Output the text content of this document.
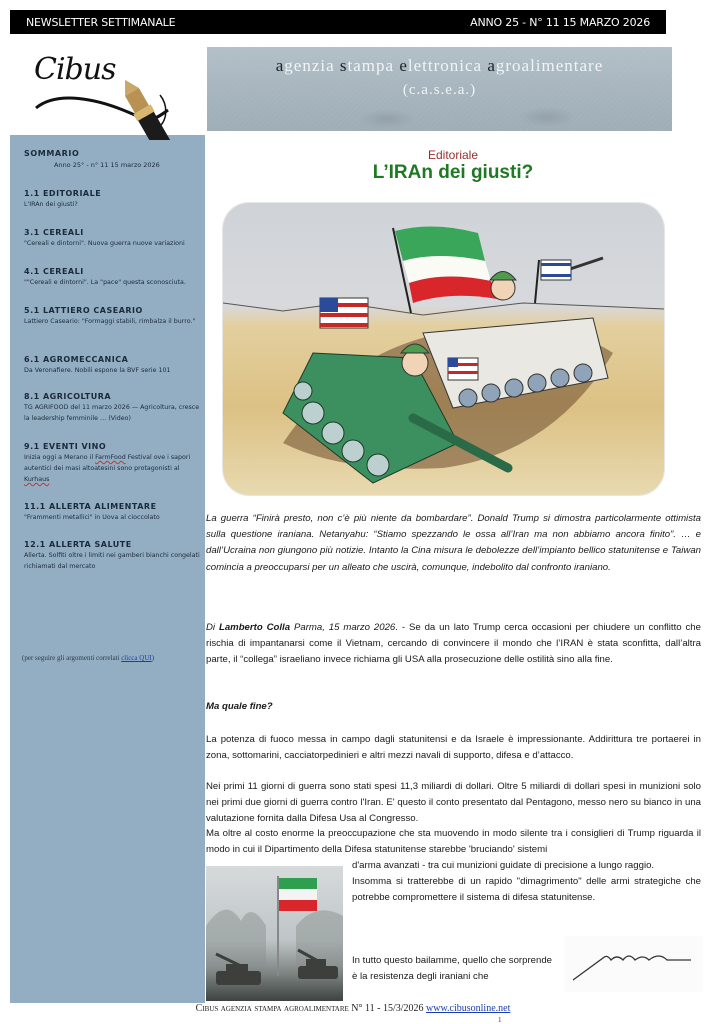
Cibus
NEWSLETTER SETTIMANALE	ANNO 25 - N° 11 15 MARZO 2026
agenzia stampa elettronica agroalimentare
(c.a.s.e.a.)
SOMMARIO
Anno 25° - n° 11 15 marzo 2026
1.1 EDITORIALE
L'IRAn dei giusti?
3.1 CEREALI
"Cereali e dintorni". Nuova guerra nuove variazioni
4.1 CEREALI
""Cereali e dintorni". La "pace" questa sconosciuta.
5.1 LATTIERO CASEARIO
Lattiero Caseario: "Formaggi stabili, rimbalza il burro."
6.1 AGROMECCANICA
Da Veronafiere. Nobili espone la BVF serie 101
8.1 AGRICOLTURA
TG AGRIFOOD del 11 marzo 2026 — Agricoltura, cresce la leadership femminile … (Video)
9.1 EVENTI VINO
Inizia oggi a Merano il FarmFood Festival ove i sapori autentici dei masi altoatesini sono protagonisti al Kurhaus
11.1 ALLERTA ALIMENTARE
"Frammenti metallici" in Uova al cioccolato
12.1 ALLERTA SALUTE
Allerta. Solfiti oltre i limiti nei gamberi bianchi congelati richiamati dal mercato
(per seguire gli argomenti correlati clicca QUI)
Editoriale
L’IRAn dei giusti?
La guerra “Finirà presto, non c’è più niente da bombardare”. Donald Trump si dimostra particolarmente ottimista sulla questione iraniana. Netanyahu: “Stiamo spezzando le ossa all’Iran ma non abbiamo ancora finito”. … e dall’Ucraina non giungono più notizie. Intanto la Cina misura le debolezze dell’impianto bellico statunitense e Taiwan comincia a preoccuparsi per un alleato che uscirà, comunque, indebolito dal confronto iraniano.
Di Lamberto Colla Parma, 15 marzo 2026. - Se da un lato Trump cerca occasioni per chiudere un conflitto che rischia di impantanarsi come il Vietnam, cercando di convincere il mondo che l’IRAN è stata sconfitta, dall’altra parte, il “collega” israeliano invece richiama gli USA alla prosecuzione delle ostilità sino alla fine.
Ma quale fine?
La potenza di fuoco messa in campo dagli statunitensi e da Israele è impressionante. Addirittura tre portaerei in zona, sottomarini, cacciatorpedinieri e altri mezzi navali di supporto, difesa e d’attacco.
Nei primi 11 giorni di guerra sono stati spesi 11,3 miliardi di dollari. Oltre 5 miliardi di dollari spesi in munizioni solo nei primi due giorni di guerra contro l'Iran. E' questo il conto presentato dal Pentagono, messo nero su bianco in una valutazione fornita dalla Difesa Usa al Congresso.
Ma oltre al costo enorme la preoccupazione che sta muovendo in modo silente tra i consiglieri di Trump riguarda il modo in cui il Dipartimento della Difesa statunitense starebbe 'bruciando' sistemi
d'arma avanzati - tra cui munizioni guidate di precisione a lungo raggio.
Insomma si tratterebbe di un rapido "dimagrimento" delle armi strategiche che potrebbe compromettere il sistema di difesa statunitense.
In tutto questo bailamme, quello che sorprende è la resistenza degli iraniani che
Cibus agenzia stampa agroalimentare N° 11 - 15/3/2026 www.cibusonline.net
1
